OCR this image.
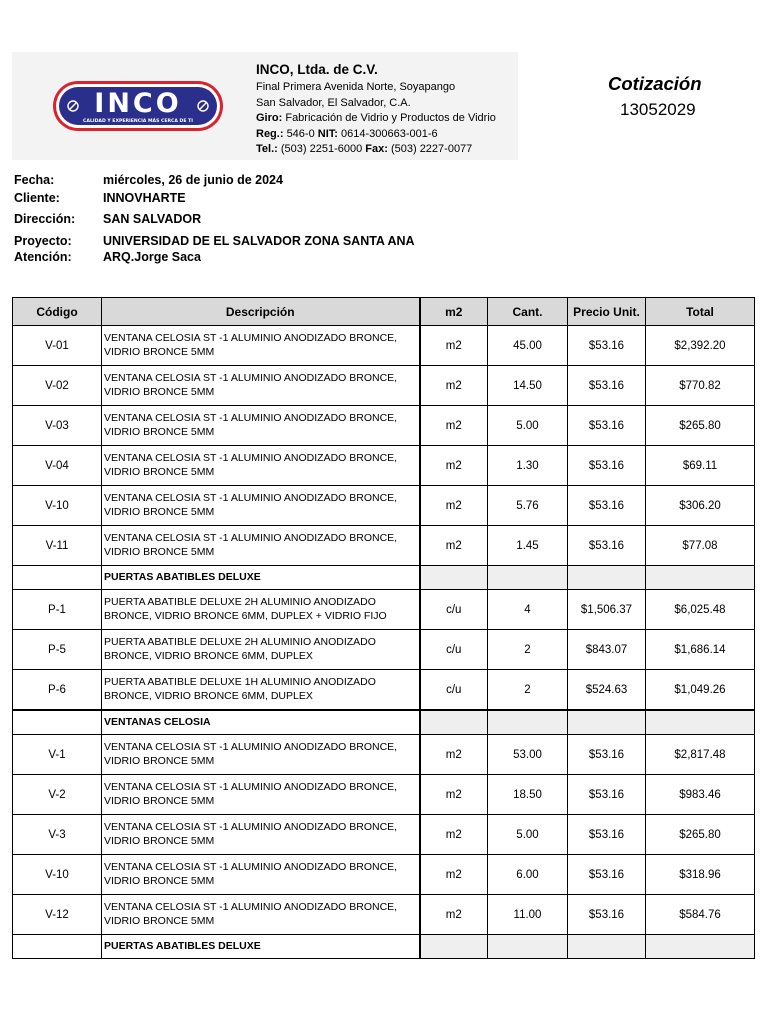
INCO
CALIDAD Y EXPERIENCIA MÁS CERCA DE TI
INCO, Ltda. de C.V.
Final Primera Avenida Norte, Soyapango
San Salvador, El Salvador, C.A.
Giro: Fabricación de Vidrio y Productos de Vidrio
Reg.: 546-0 NIT: 0614-300663-001-6
Tel.: (503) 2251-6000 Fax: (503) 2227-0077
Cotización
13052029
Fecha:	miércoles, 26 de junio de 2024
Cliente:	INNOVHARTE
Dirección: SAN SALVADOR
Proyecto:	UNIVERSIDAD DE EL SALVADOR ZONA SANTA ANA
Atención:	ARQ.Jorge Saca
Código	Descripción	m2	Cant.	Precio Unit.	Total
V-01	VENTANA CELOSIA ST -1 ALUMINIO ANODIZADO BRONCE, VIDRIO BRONCE 5MM	m2	45.00	$53.16	$2,392.20
V-02	VENTANA CELOSIA ST -1 ALUMINIO ANODIZADO BRONCE, VIDRIO BRONCE 5MM	m2	14.50	$53.16	$770.82
V-03	VENTANA CELOSIA ST -1 ALUMINIO ANODIZADO BRONCE, VIDRIO BRONCE 5MM	m2	5.00	$53.16	$265.80
V-04	VENTANA CELOSIA ST -1 ALUMINIO ANODIZADO BRONCE, VIDRIO BRONCE 5MM	m2	1.30	$53.16	$69.11
V-10	VENTANA CELOSIA ST -1 ALUMINIO ANODIZADO BRONCE, VIDRIO BRONCE 5MM	m2	5.76	$53.16	$306.20
V-11	VENTANA CELOSIA ST -1 ALUMINIO ANODIZADO BRONCE, VIDRIO BRONCE 5MM	m2	1.45	$53.16	$77.08
	PUERTAS ABATIBLES DELUXE				
P-1	PUERTA ABATIBLE DELUXE 2H ALUMINIO ANODIZADO BRONCE, VIDRIO BRONCE 6MM, DUPLEX + VIDRIO FIJO	c/u	4	$1,506.37	$6,025.48
P-5	PUERTA ABATIBLE DELUXE 2H ALUMINIO ANODIZADO BRONCE, VIDRIO BRONCE 6MM, DUPLEX	c/u	2	$843.07	$1,686.14
P-6	PUERTA ABATIBLE DELUXE 1H ALUMINIO ANODIZADO BRONCE, VIDRIO BRONCE 6MM, DUPLEX	c/u	2	$524.63	$1,049.26
	VENTANAS CELOSIA				
V-1	VENTANA CELOSIA ST -1 ALUMINIO ANODIZADO BRONCE, VIDRIO BRONCE 5MM	m2	53.00	$53.16	$2,817.48
V-2	VENTANA CELOSIA ST -1 ALUMINIO ANODIZADO BRONCE, VIDRIO BRONCE 5MM	m2	18.50	$53.16	$983.46
V-3	VENTANA CELOSIA ST -1 ALUMINIO ANODIZADO BRONCE, VIDRIO BRONCE 5MM	m2	5.00	$53.16	$265.80
V-10	VENTANA CELOSIA ST -1 ALUMINIO ANODIZADO BRONCE, VIDRIO BRONCE 5MM	m2	6.00	$53.16	$318.96
V-12	VENTANA CELOSIA ST -1 ALUMINIO ANODIZADO BRONCE, VIDRIO BRONCE 5MM	m2	11.00	$53.16	$584.76
	PUERTAS ABATIBLES DELUXE				
